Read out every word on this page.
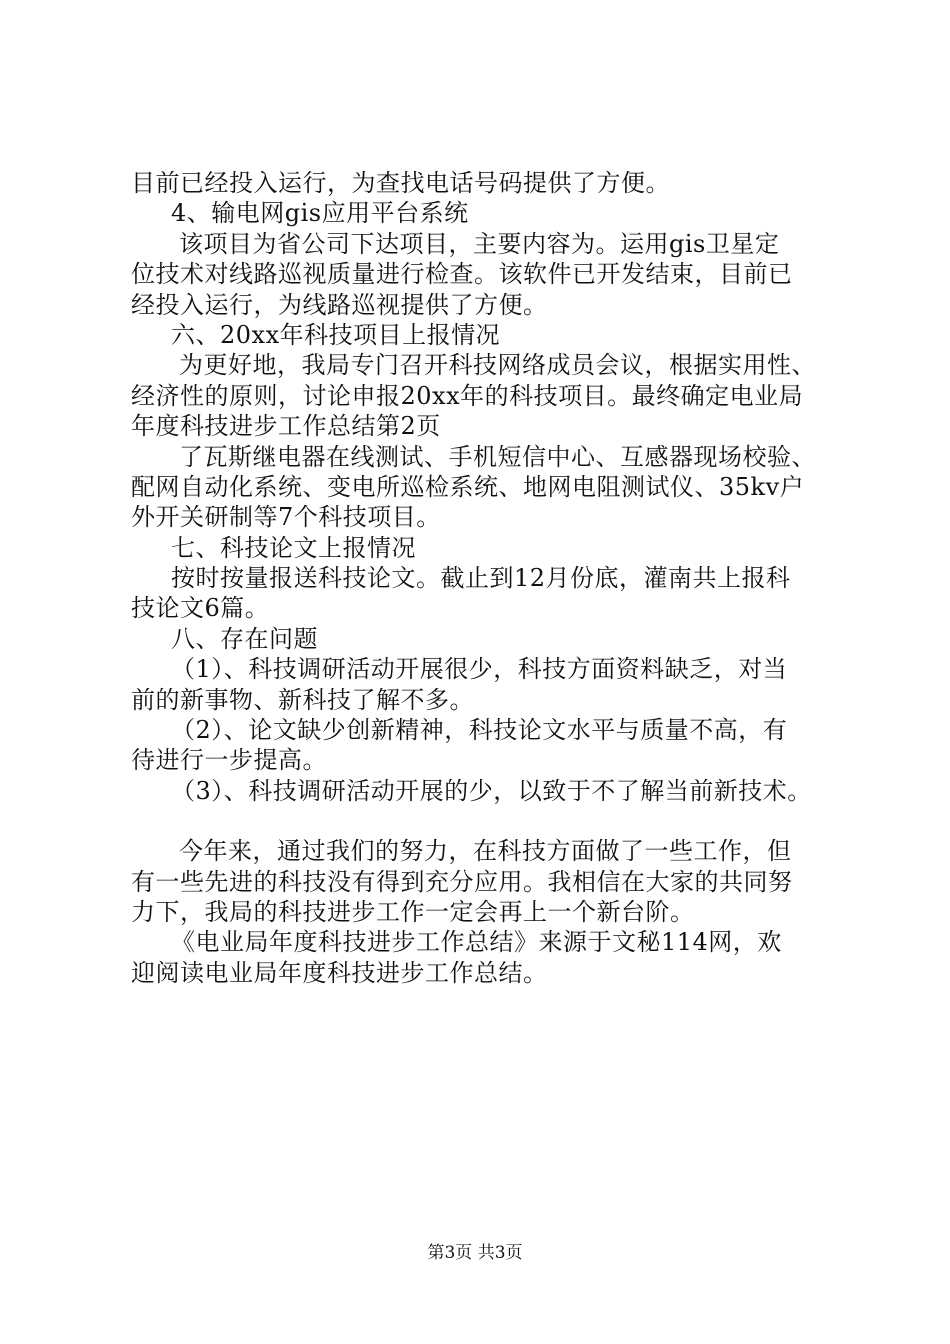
目前已经投入运行，为查找电话号码提供了方便。
4、输电网gis应用平台系统
该项目为省公司下达项目，主要内容为。运用gis卫星定
位技术对线路巡视质量进行检查。该软件已开发结束，目前已
经投入运行，为线路巡视提供了方便。
六、20xx年科技项目上报情况
为更好地，我局专门召开科技网络成员会议，根据实用性、
经济性的原则，讨论申报20xx年的科技项目。最终确定电业局
年度科技进步工作总结第2页
了瓦斯继电器在线测试、手机短信中心、互感器现场校验、
配网自动化系统、变电所巡检系统、地网电阻测试仪、35kv户
外开关研制等7个科技项目。
七、科技论文上报情况
按时按量报送科技论文。截止到12月份底，灌南共上报科
技论文6篇。
八、存在问题
（1）、科技调研活动开展很少，科技方面资料缺乏，对当
前的新事物、新科技了解不多。
（2）、论文缺少创新精神，科技论文水平与质量不高，有
待进行一步提高。
（3）、科技调研活动开展的少，以致于不了解当前新技术。
今年来，通过我们的努力，在科技方面做了一些工作，但
有一些先进的科技没有得到充分应用。我相信在大家的共同努
力下，我局的科技进步工作一定会再上一个新台阶。
《电业局年度科技进步工作总结》来源于文秘114网，欢
迎阅读电业局年度科技进步工作总结。
第3页 共3页
